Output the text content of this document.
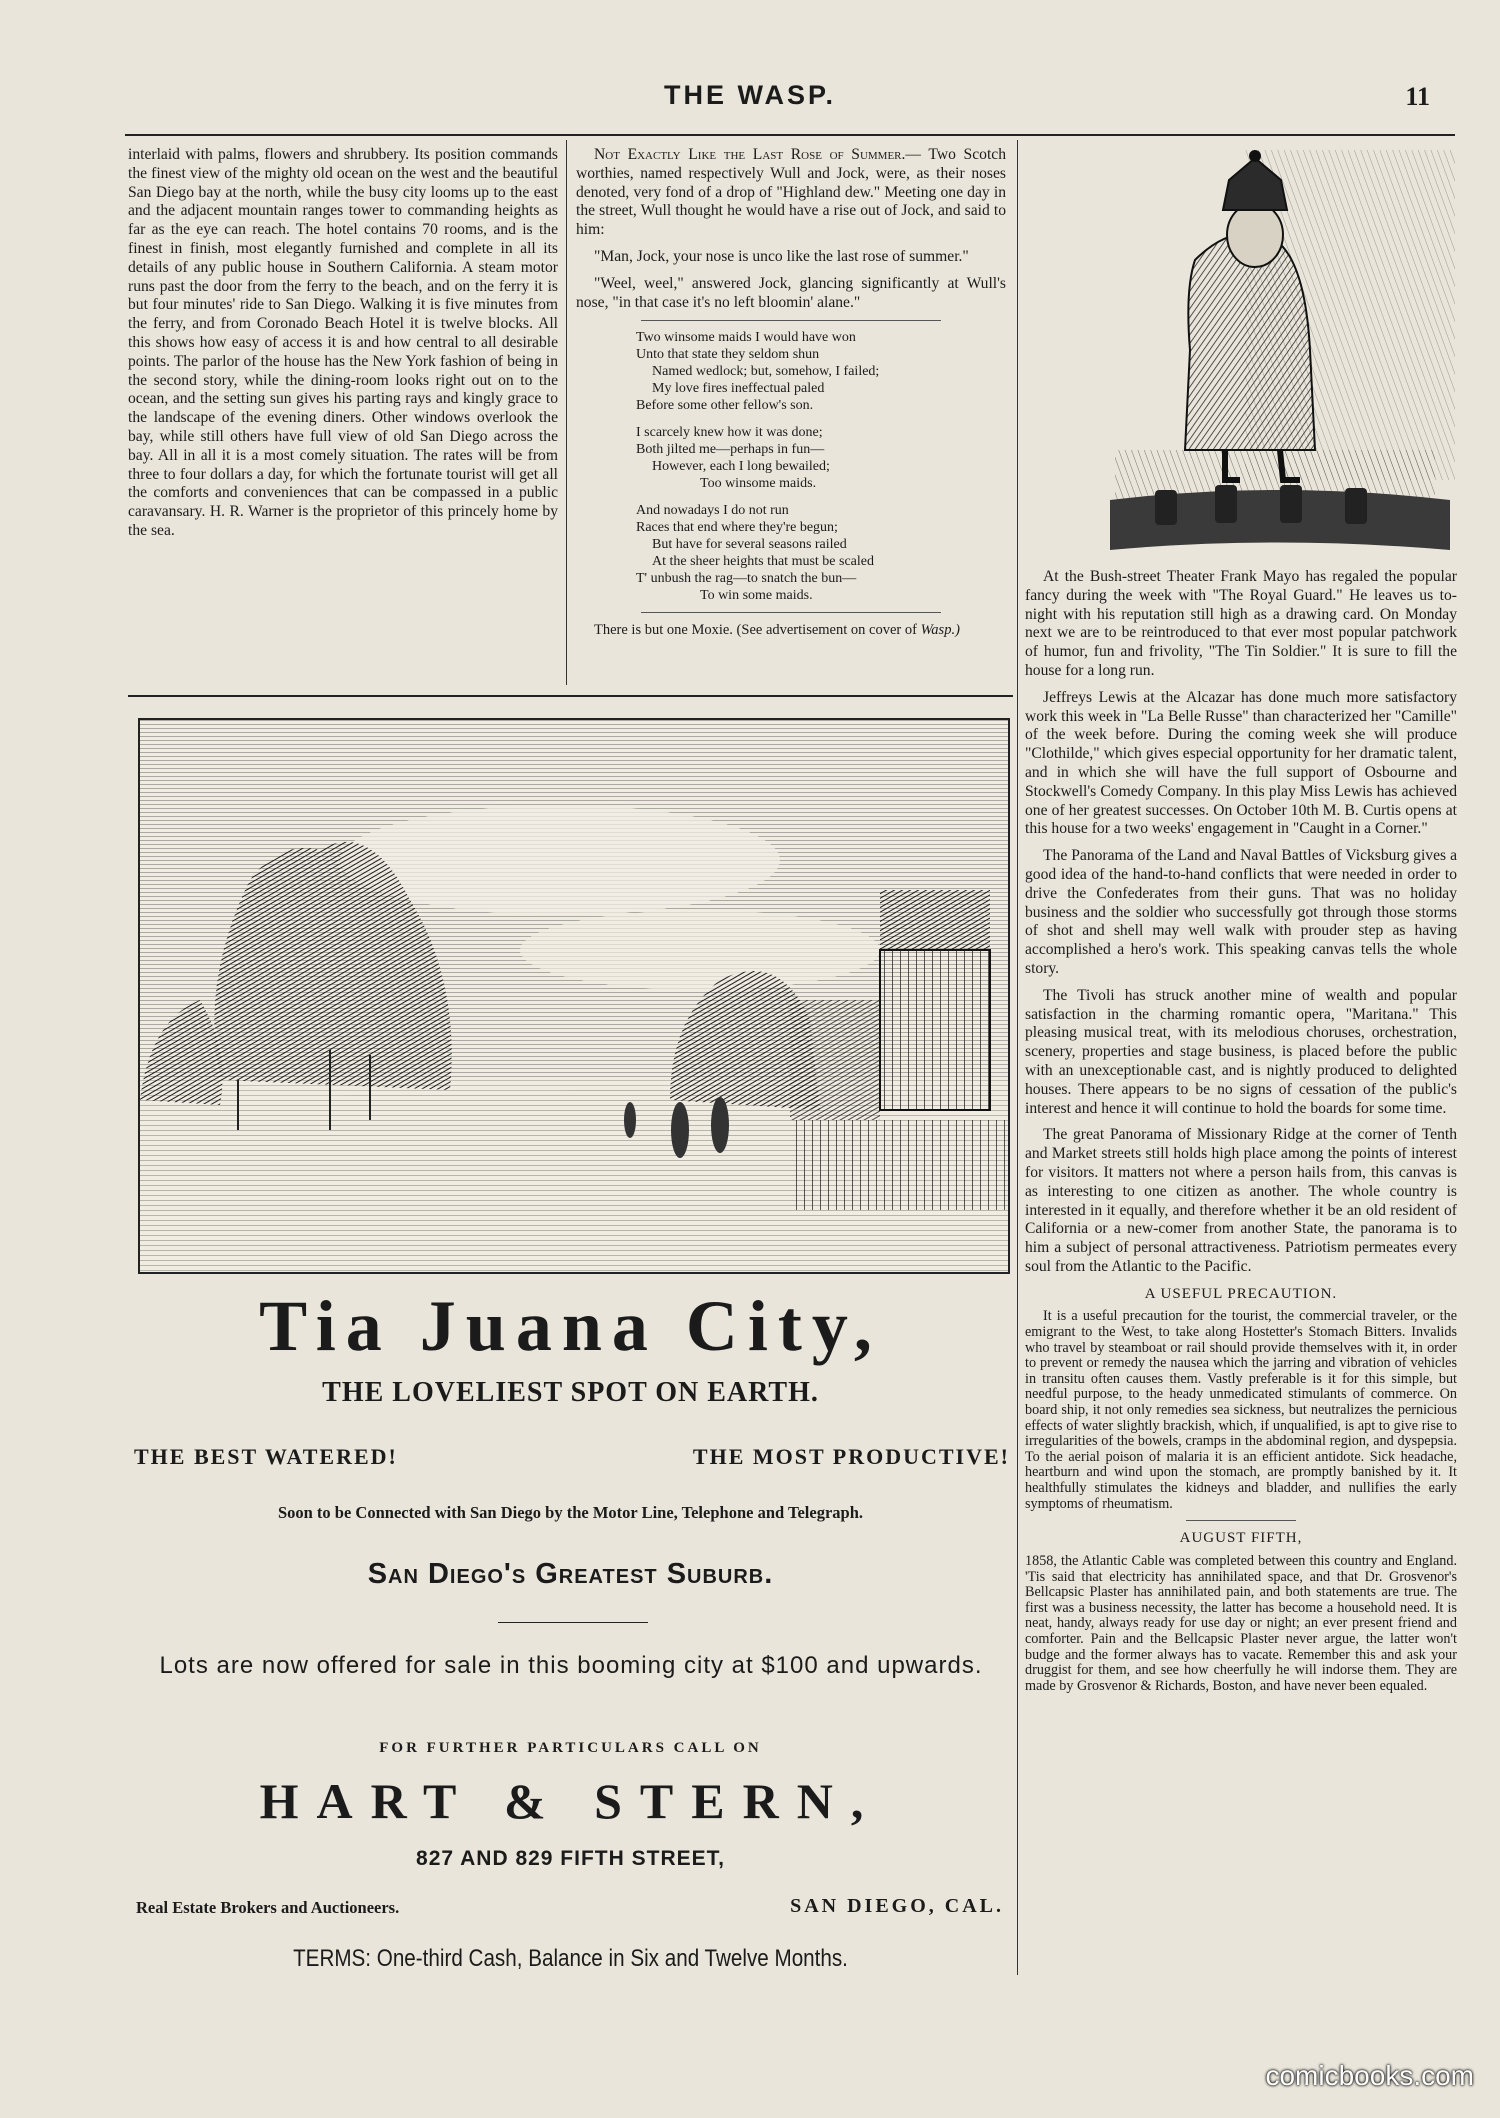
THE WASP.	11

interlaid with palms, flowers and shrubbery. Its position commands the finest view of the mighty old ocean on the west and the beautiful San Diego bay at the north, while the busy city looms up to the east and the adjacent mountain ranges tower to commanding heights as far as the eye can reach. The hotel contains 70 rooms, and is the finest in finish, most elegantly furnished and complete in all its details of any public house in Southern California. A steam motor runs past the door from the ferry to the beach, and on the ferry it is but four minutes' ride to San Diego. Walking it is five minutes from the ferry, and from Coronado Beach Hotel it is twelve blocks. All this shows how easy of access it is and how central to all desirable points. The parlor of the house has the New York fashion of being in the second story, while the dining-room looks right out on to the ocean, and the setting sun gives his parting rays and kingly grace to the landscape of the evening diners. Other windows overlook the bay, while still others have full view of old San Diego across the bay. All in all it is a most comely situation. The rates will be from three to four dollars a day, for which the fortunate tourist will get all the comforts and conveniences that can be compassed in a public caravansary. H. R. Warner is the proprietor of this princely home by the sea.

Not Exactly Like the Last Rose of Summer.— Two Scotch worthies, named respectively Wull and Jock, were, as their noses denoted, very fond of a drop of "Highland dew." Meeting one day in the street, Wull thought he would have a rise out of Jock, and said to him:

"Man, Jock, your nose is unco like the last rose of summer."

"Weel, weel," answered Jock, glancing significantly at Wull's nose, "in that case it's no left bloomin' alane."

Two winsome maids I would have won
Unto that state they seldom shun
Named wedlock; but, somehow, I failed;
My love fires ineffectual paled
Before some other fellow's son.
I scarcely knew how it was done;
Both jilted me—perhaps in fun—
However, each I long bewailed;
Too winsome maids.
And nowadays I do not run
Races that end where they're begun;
But have for several seasons railed
At the sheer heights that must be scaled
T' unbush the rag—to snatch the bun—
To win some maids.

There is but one Moxie. (See advertisement on cover of Wasp.)

At the Bush-street Theater Frank Mayo has regaled the popular fancy during the week with "The Royal Guard." He leaves us to-night with his reputation still high as a drawing card. On Monday next we are to be reintroduced to that ever most popular patchwork of humor, fun and frivolity, "The Tin Soldier." It is sure to fill the house for a long run.

Jeffreys Lewis at the Alcazar has done much more satisfactory work this week in "La Belle Russe" than characterized her "Camille" of the week before. During the coming week she will produce "Clothilde," which gives especial opportunity for her dramatic talent, and in which she will have the full support of Osbourne and Stockwell's Comedy Company. In this play Miss Lewis has achieved one of her greatest successes. On October 10th M. B. Curtis opens at this house for a two weeks' engagement in "Caught in a Corner."

The Panorama of the Land and Naval Battles of Vicksburg gives a good idea of the hand-to-hand conflicts that were needed in order to drive the Confederates from their guns. That was no holiday business and the soldier who successfully got through those storms of shot and shell may well walk with prouder step as having accomplished a hero's work. This speaking canvas tells the whole story.

The Tivoli has struck another mine of wealth and popular satisfaction in the charming romantic opera, "Maritana." This pleasing musical treat, with its melodious choruses, orchestration, scenery, properties and stage business, is placed before the public with an unexceptionable cast, and is nightly produced to delighted houses. There appears to be no signs of cessation of the public's interest and hence it will continue to hold the boards for some time.

The great Panorama of Missionary Ridge at the corner of Tenth and Market streets still holds high place among the points of interest for visitors. It matters not where a person hails from, this canvas is as interesting to one citizen as another. The whole country is interested in it equally, and therefore whether it be an old resident of California or a new-comer from another State, the panorama is to him a subject of personal attractiveness. Patriotism permeates every soul from the Atlantic to the Pacific.

A USEFUL PRECAUTION.

It is a useful precaution for the tourist, the commercial traveler, or the emigrant to the West, to take along Hostetter's Stomach Bitters. Invalids who travel by steamboat or rail should provide themselves with it, in order to prevent or remedy the nausea which the jarring and vibration of vehicles in transitu often causes them. Vastly preferable is it for this simple, but needful purpose, to the heady unmedicated stimulants of commerce. On board ship, it not only remedies sea sickness, but neutralizes the pernicious effects of water slightly brackish, which, if unqualified, is apt to give rise to irregularities of the bowels, cramps in the abdominal region, and dyspepsia. To the aerial poison of malaria it is an efficient antidote. Sick headache, heartburn and wind upon the stomach, are promptly banished by it. It healthfully stimulates the kidneys and bladder, and nullifies the early symptoms of rheumatism.

AUGUST FIFTH,

1858, the Atlantic Cable was completed between this country and England. 'Tis said that electricity has annihilated space, and that Dr. Grosvenor's Bellcapsic Plaster has annihilated pain, and both statements are true. The first was a business necessity, the latter has become a household need. It is neat, handy, always ready for use day or night; an ever present friend and comforter. Pain and the Bellcapsic Plaster never argue, the latter won't budge and the former always has to vacate. Remember this and ask your druggist for them, and see how cheerfully he will indorse them. They are made by Grosvenor & Richards, Boston, and have never been equaled.

Tia Juana City,
THE LOVELIEST SPOT ON EARTH.
THE BEST WATERED!	THE MOST PRODUCTIVE!
Soon to be Connected with San Diego by the Motor Line, Telephone and Telegraph.
San Diego's Greatest Suburb.
Lots are now offered for sale in this booming city at $100 and upwards.
FOR FURTHER PARTICULARS CALL ON
HART & STERN,
827 AND 829 FIFTH STREET,
Real Estate Brokers and Auctioneers.	SAN DIEGO, CAL.
TERMS: One-third Cash, Balance in Six and Twelve Months.
comicbooks.com
